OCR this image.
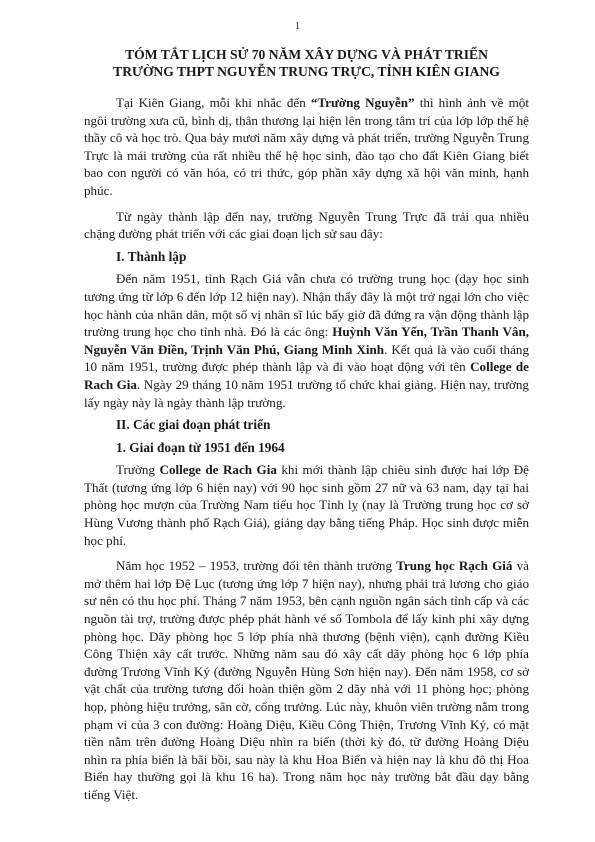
1
TÓM TẮT LỊCH SỬ 70 NĂM XÂY DỰNG VÀ PHÁT TRIỂN
TRƯỜNG THPT NGUYỄN TRUNG TRỰC, TỈNH KIÊN GIANG

Tại Kiên Giang, mỗi khi nhắc đến “Trường Nguyễn” thì hình ảnh về một ngôi trường xưa cũ, bình dị, thân thương lại hiện lên trong tâm trí của lớp lớp thế hệ thầy cô và học trò. Qua bảy mươi năm xây dựng và phát triển, trường Nguyễn Trung Trực là mái trường của rất nhiều thế hệ học sinh, đào tạo cho đất Kiên Giang biết bao con người có văn hóa, có tri thức, góp phần xây dựng xã hội văn minh, hạnh phúc.

Từ ngày thành lập đến nay, trường Nguyễn Trung Trực đã trải qua nhiều chặng đường phát triển với các giai đoạn lịch sử sau đây:

I. Thành lập

Đến năm 1951, tỉnh Rạch Giá vẫn chưa có trường trung học (dạy học sinh tương ứng từ lớp 6 đến lớp 12 hiện nay). Nhận thấy đây là một trở ngại lớn cho việc học hành của nhân dân, một số vị nhân sĩ lúc bấy giờ đã đứng ra vận động thành lập trường trung học cho tỉnh nhà. Đó là các ông: Huỳnh Văn Yến, Trần Thanh Vân, Nguyễn Văn Điền, Trịnh Văn Phú, Giang Minh Xinh. Kết quả là vào cuối tháng 10 năm 1951, trường được phép thành lập và đi vào hoạt động với tên College de Rach Gia. Ngày 29 tháng 10 năm 1951 trường tổ chức khai giảng. Hiện nay, trường lấy ngày này là ngày thành lập trường.

II. Các giai đoạn phát triển
1. Giai đoạn từ 1951 đến 1964

Trường College de Rach Gia khi mới thành lập chiêu sinh được hai lớp Đệ Thất (tương ứng lớp 6 hiện nay) với 90 học sinh gồm 27 nữ và 63 nam, dạy tại hai phòng học mượn của Trường Nam tiểu học Tỉnh lỵ (nay là Trường trung học cơ sở Hùng Vương thành phố Rạch Giá), giảng dạy bằng tiếng Pháp. Học sinh được miễn học phí.

Năm học 1952 – 1953, trường đổi tên thành trường Trung học Rạch Giá và mở thêm hai lớp Đệ Lục (tương ứng lớp 7 hiện nay), nhưng phải trả lương cho giáo sư nên có thu học phí. Tháng 7 năm 1953, bên cạnh nguồn ngân sách tỉnh cấp và các nguồn tài trợ, trường được phép phát hành vé số Tombola để lấy kinh phí xây dựng phòng học. Dãy phòng học 5 lớp phía nhà thương (bệnh viện), cạnh đường Kiều Công Thiện xây cất trước. Những năm sau đó xây cất dãy phòng học 6 lớp phía đường Trương Vĩnh Ký (đường Nguyễn Hùng Sơn hiện nay). Đến năm 1958, cơ sở vật chất của trường tương đối hoàn thiện gồm 2 dãy nhà với 11 phòng học; phòng họp, phòng hiệu trưởng, sân cờ, cổng trường. Lúc này, khuôn viên trường nằm trong phạm vi của 3 con đường: Hoàng Diệu, Kiều Công Thiện, Trương Vĩnh Ký, có mặt tiền nằm trên đường Hoàng Diệu nhìn ra biển (thời kỳ đó, từ đường Hoàng Diệu nhìn ra phía biển là bãi bồi, sau này là khu Hoa Biển và hiện nay là khu đô thị Hoa Biển hay thường gọi là khu 16 ha). Trong năm học này trường bắt đầu dạy bằng tiếng Việt.
